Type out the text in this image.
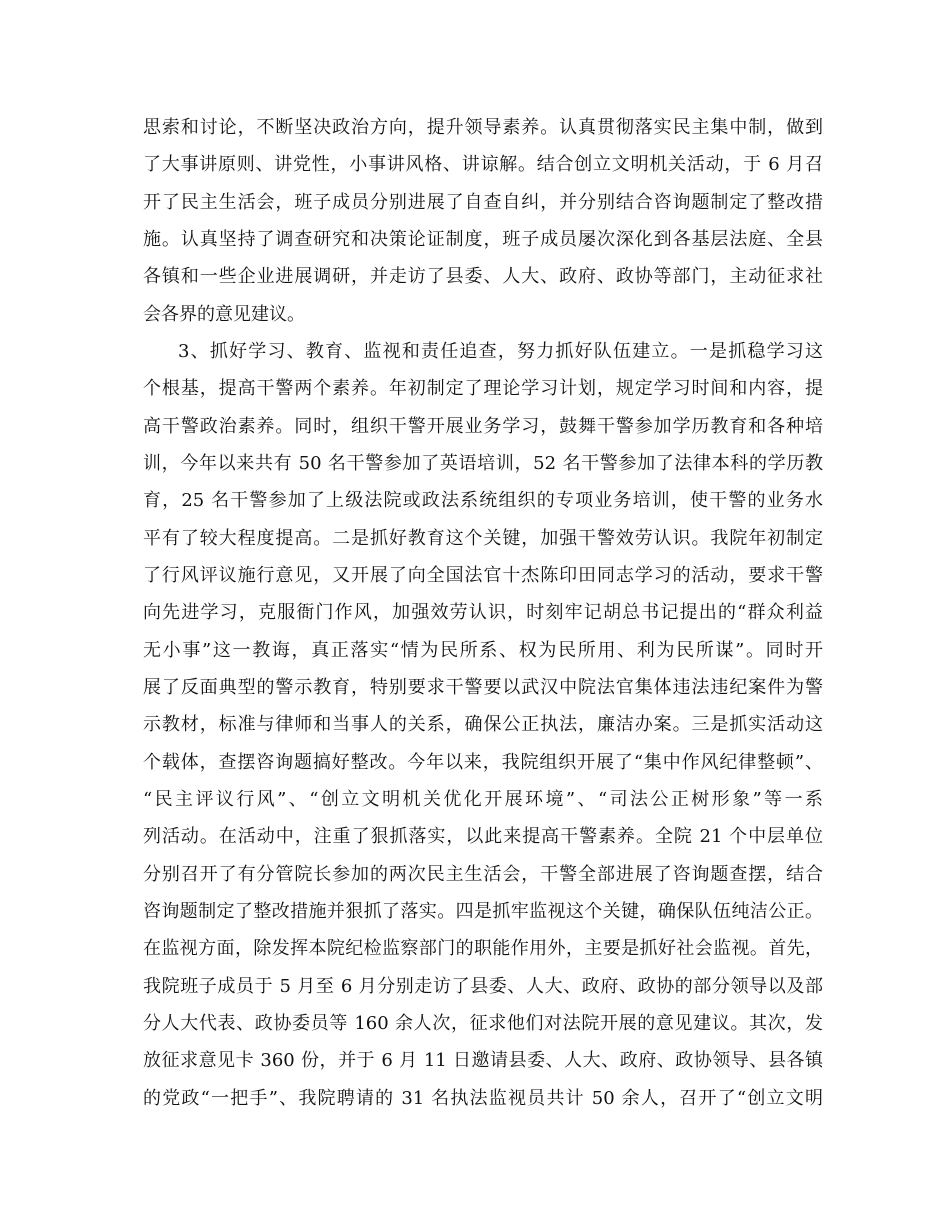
思索和讨论，不断坚决政治方向，提升领导素养。认真贯彻落实民主集中制，做到
了大事讲原则、讲党性，小事讲风格、讲谅解。结合创立文明机关活动，于 6 月召
开了民主生活会，班子成员分别进展了自查自纠，并分别结合咨询题制定了整改措
施。认真坚持了调查研究和决策论证制度，班子成员屡次深化到各基层法庭、全县
各镇和一些企业进展调研，并走访了县委、人大、政府、政协等部门，主动征求社
会各界的意见建议。
3、抓好学习、教育、监视和责任追查，努力抓好队伍建立。一是抓稳学习这
个根基，提高干警两个素养。年初制定了理论学习计划，规定学习时间和内容，提
高干警政治素养。同时，组织干警开展业务学习，鼓舞干警参加学历教育和各种培
训，今年以来共有 50 名干警参加了英语培训，52 名干警参加了法律本科的学历教
育，25 名干警参加了上级法院或政法系统组织的专项业务培训，使干警的业务水
平有了较大程度提高。二是抓好教育这个关键，加强干警效劳认识。我院年初制定
了行风评议施行意见，又开展了向全国法官十杰陈印田同志学习的活动，要求干警
向先进学习，克服衙门作风，加强效劳认识，时刻牢记胡总书记提出的“群众利益
无小事”这一教诲，真正落实“情为民所系、权为民所用、利为民所谋”。同时开
展了反面典型的警示教育，特别要求干警要以武汉中院法官集体违法违纪案件为警
示教材，标准与律师和当事人的关系，确保公正执法，廉洁办案。三是抓实活动这
个载体，查摆咨询题搞好整改。今年以来，我院组织开展了“集中作风纪律整顿”、
“民主评议行风”、“创立文明机关优化开展环境”、“司法公正树形象”等一系
列活动。在活动中，注重了狠抓落实，以此来提高干警素养。全院 21 个中层单位
分别召开了有分管院长参加的两次民主生活会，干警全部进展了咨询题查摆，结合
咨询题制定了整改措施并狠抓了落实。四是抓牢监视这个关键，确保队伍纯洁公正。
在监视方面，除发挥本院纪检监察部门的职能作用外，主要是抓好社会监视。首先，
我院班子成员于 5 月至 6 月分别走访了县委、人大、政府、政协的部分领导以及部
分人大代表、政协委员等 160 余人次，征求他们对法院开展的意见建议。其次，发
放征求意见卡 360 份，并于 6 月 11 日邀请县委、人大、政府、政协领导、县各镇
的党政“一把手”、我院聘请的 31 名执法监视员共计 50 余人，召开了“创立文明
